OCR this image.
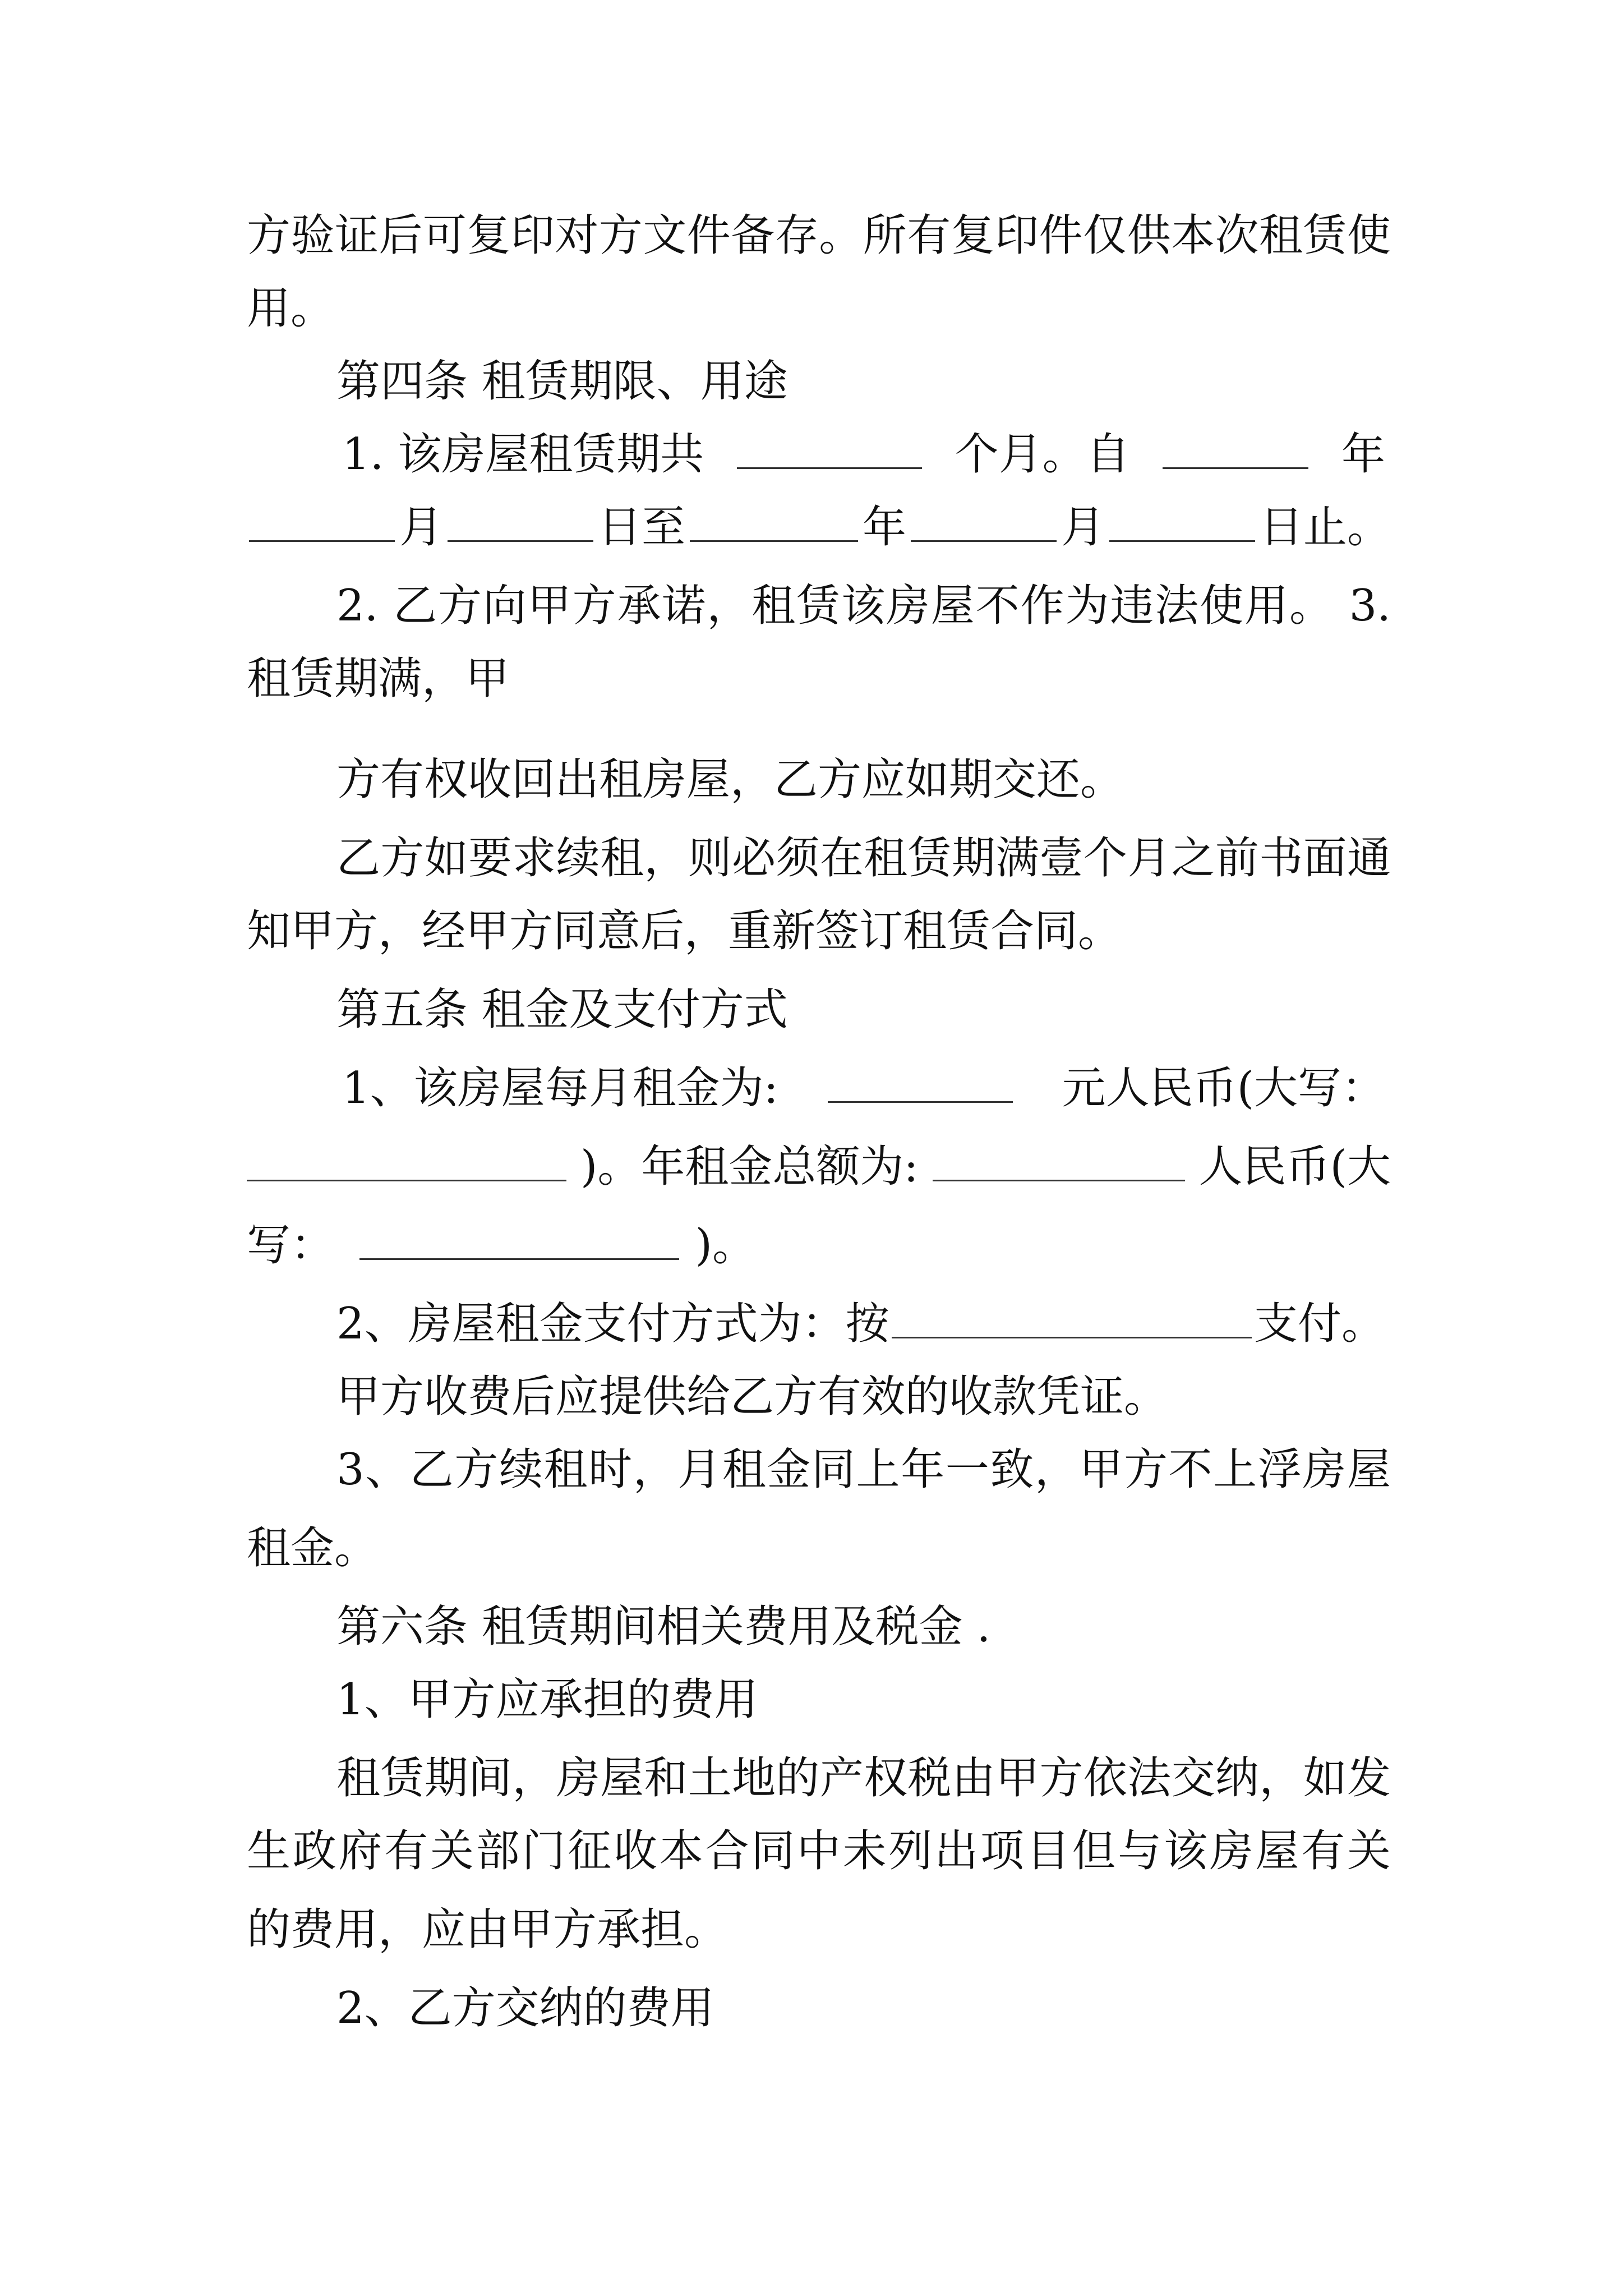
方验证后可复印对方文件备存。所有复印件仅供本次租赁使
用。
第四条 租赁期限、用途
1. 该房屋租赁期共	个月。自	年
月	日至	年	月	日止。
2. 乙方向甲方承诺，租赁该房屋不作为违法使用。 3.
租赁期满，甲
方有权收回出租房屋，乙方应如期交还。
乙方如要求续租，则必须在租赁期满壹个月之前书面通
知甲方，经甲方同意后，重新签订租赁合同。
第五条 租金及支付方式
1、该房屋每月租金为:	元人民币(大写：
)。年租金总额为:	人民币(大
写：	)。
2、房屋租金支付方式为：按	支付。
甲方收费后应提供给乙方有效的收款凭证。
3、乙方续租时，月租金同上年一致，甲方不上浮房屋
租金。
第六条 租赁期间相关费用及税金 .
1、甲方应承担的费用
租赁期间，房屋和土地的产权税由甲方依法交纳，如发
生政府有关部门征收本合同中未列出项目但与该房屋有关
的费用，应由甲方承担。
2、乙方交纳的费用
